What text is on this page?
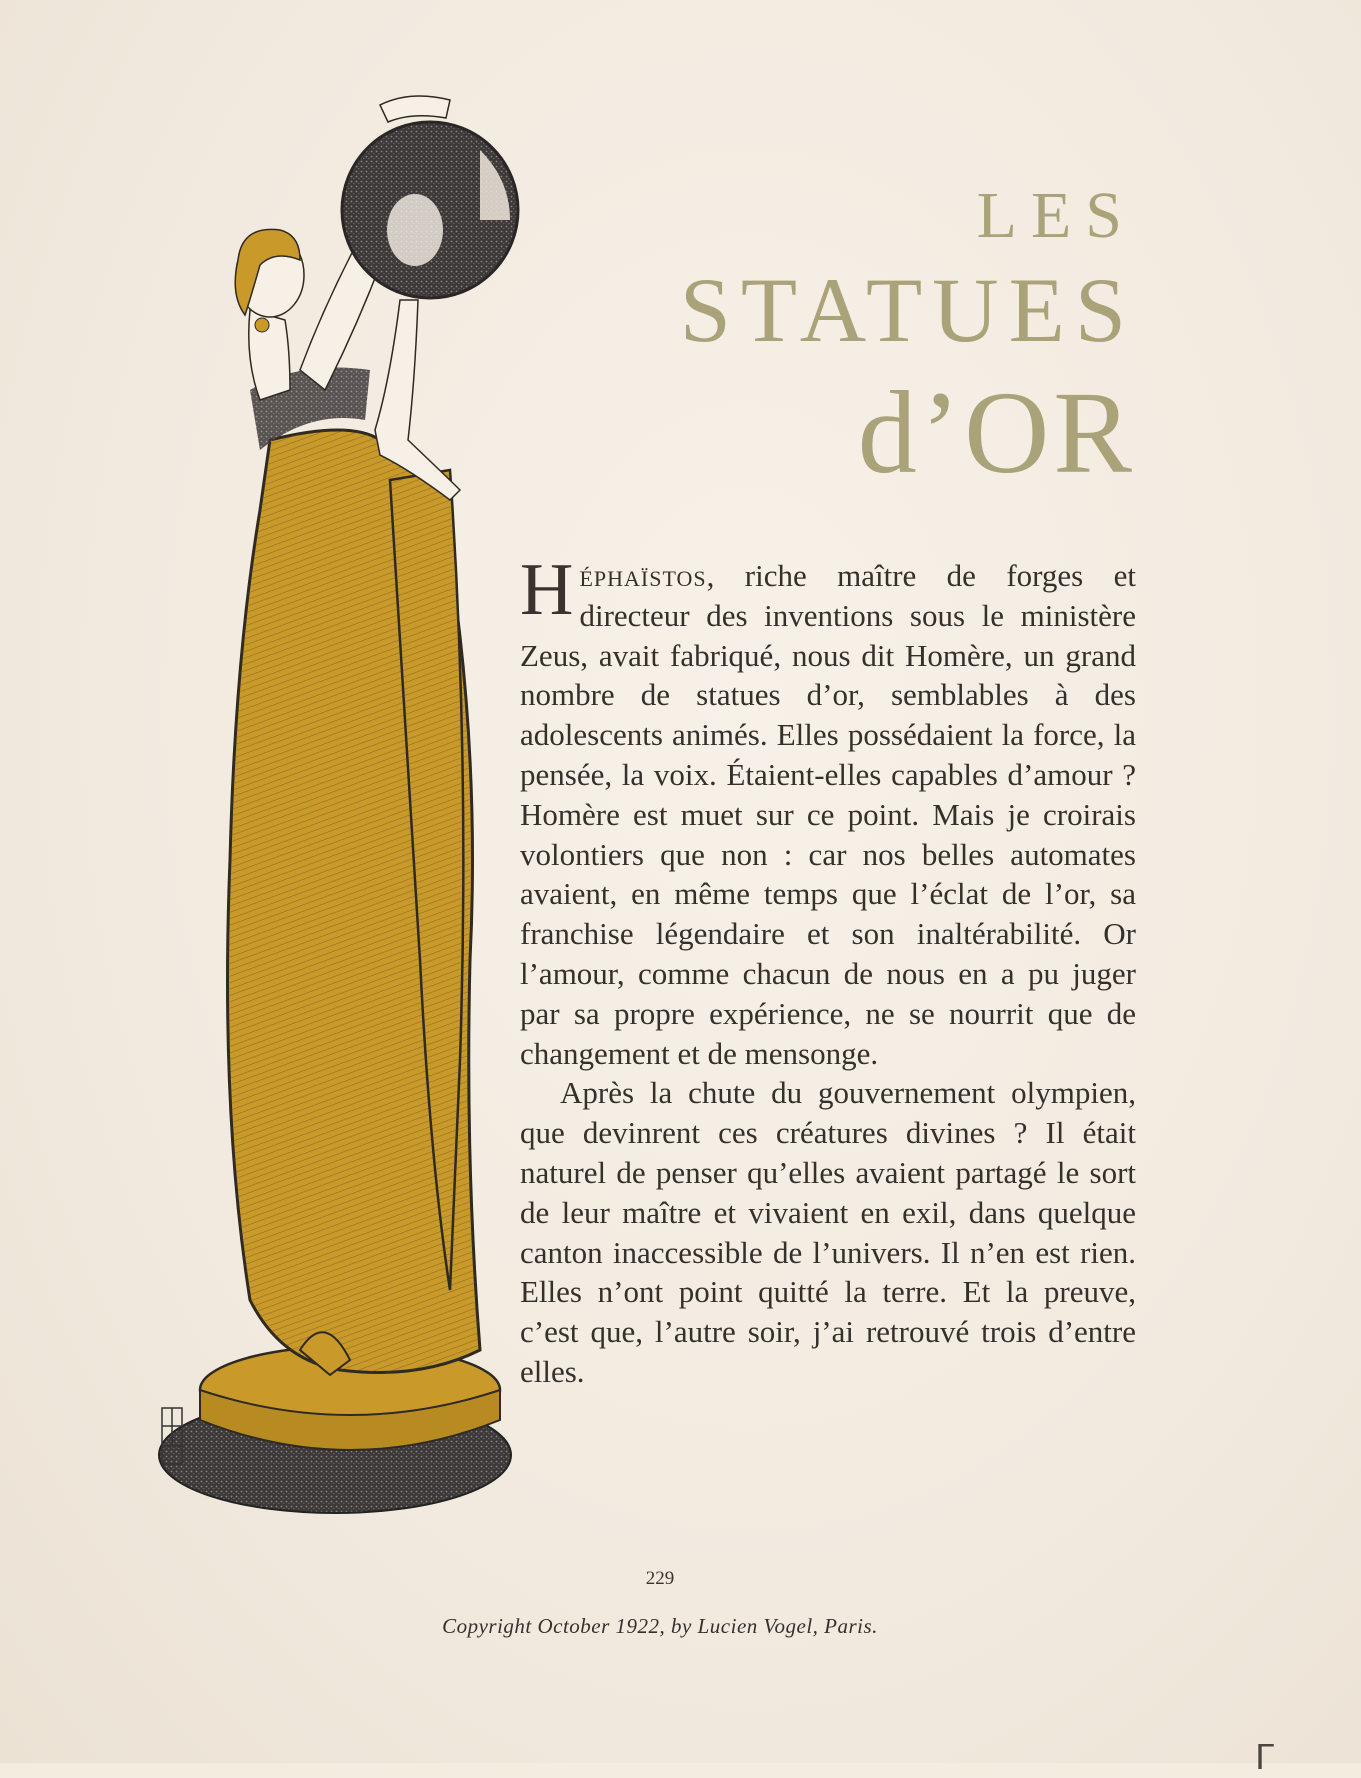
LES
STATUES
d’OR

Héphaïstos, riche maître de forges et directeur des inventions sous le ministère Zeus, avait fabriqué, nous dit Homère, un grand nombre de statues d’or, semblables à des adolescents animés. Elles possédaient la force, la pensée, la voix. Étaient-elles capables d’amour ? Homère est muet sur ce point. Mais je croirais volontiers que non : car nos belles automates avaient, en même temps que l’éclat de l’or, sa franchise légendaire et son inaltérabilité. Or l’amour, comme chacun de nous en a pu juger par sa propre expérience, ne se nourrit que de changement et de mensonge.

Après la chute du gouvernement olympien, que devinrent ces créatures divines ? Il était naturel de penser qu’elles avaient partagé le sort de leur maître et vivaient en exil, dans quelque canton inaccessible de l’univers. Il n’en est rien. Elles n’ont point quitté la terre. Et la preuve, c’est que, l’autre soir, j’ai retrouvé trois d’entre elles.

229
Copyright October 1922, by Lucien Vogel, Paris.
ᒥ
